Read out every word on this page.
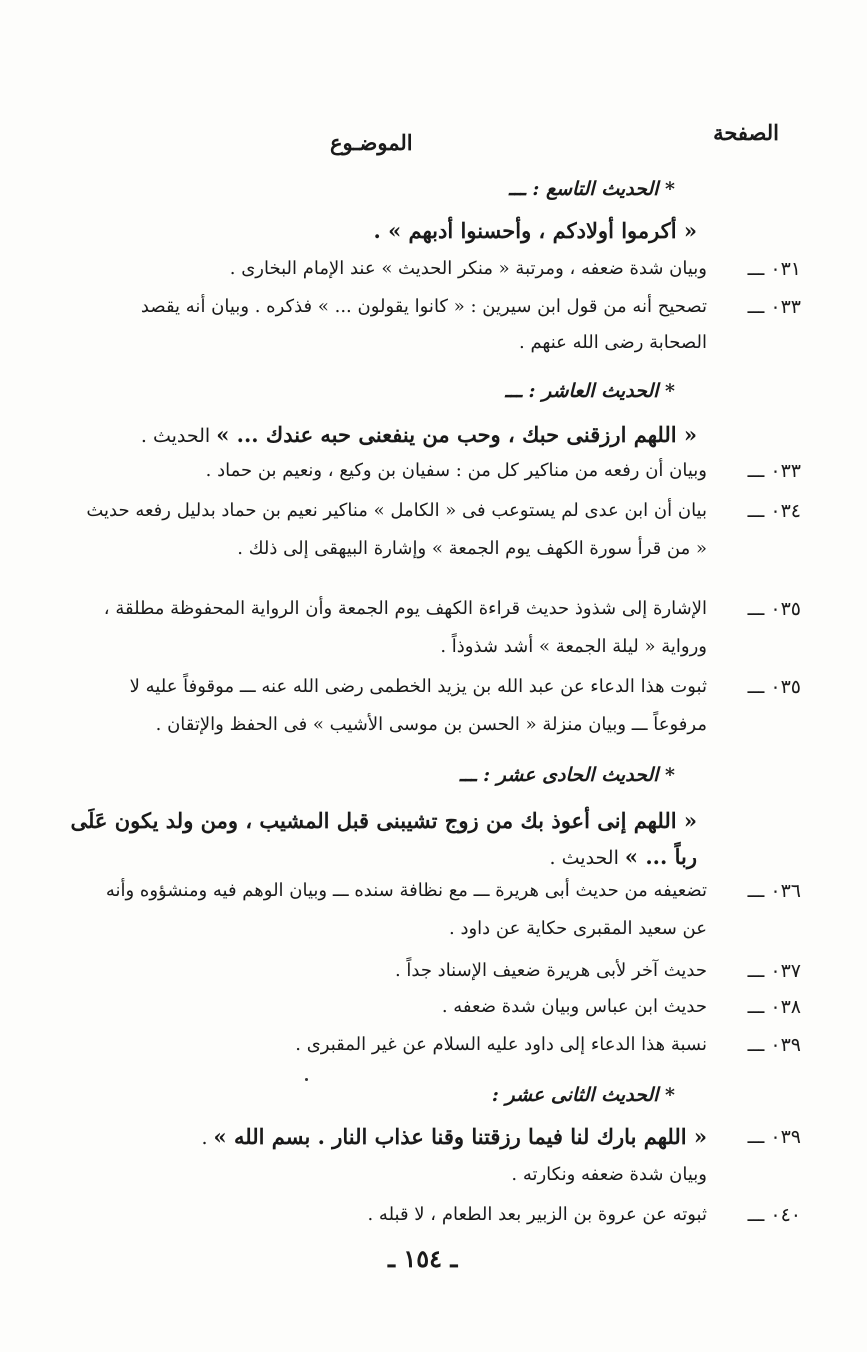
الصفحة
الموضـوع
* الحديث التاسع : ـــ
« أكرموا أولادكم ، وأحسنوا أدبهم » .
٠٣١ ـــ
وبيان شدة ضعفه ، ومرتبة « منكر الحديث » عند الإمام البخارى .
٠٣٣ ـــ
تصحيح أنه من قول ابن سيرين : « كانوا يقولون ... » فذكره . وبيان أنه يقصد
الصحابة رضى الله عنهم .
* الحديث العاشر : ـــ
« اللهم ارزقنى حبك ، وحب من ينفعنى حبه عندك ... » الحديث .
٠٣٣ ـــ
وبيان أن رفعه من مناكير كل من : سفيان بن وكيع ، ونعيم بن حماد .
٠٣٤ ـــ
بيان أن ابن عدى لم يستوعب فى « الكامل » مناكير نعيم بن حماد بدليل رفعه حديث
« من قرأ سورة الكهف يوم الجمعة » وإشارة البيهقى إلى ذلك .
٠٣٥ ـــ
الإشارة إلى شذوذ حديث قراءة الكهف يوم الجمعة وأن الرواية المحفوظة مطلقة ،
ورواية « ليلة الجمعة » أشد شذوذاً .
٠٣٥ ـــ
ثبوت هذا الدعاء عن عبد الله بن يزيد الخطمى رضى الله عنه ـــ موقوفاً عليه لا
مرفوعاً ـــ وبيان منزلة « الحسن بن موسى الأشيب » فى الحفظ والإتقان .
* الحديث الحادى عشر : ـــ
« اللهم إنى أعوذ بك من زوج تشيبنى قبل المشيب ، ومن ولد يكون عَلَى
رباً ... » الحديث .
٠٣٦ ـــ
تضعيفه من حديث أبى هريرة ـــ مع نظافة سنده ـــ وبيان الوهم فيه ومنشؤوه وأنه
عن سعيد المقبرى حكاية عن داود .
٠٣٧ ـــ
حديث آخر لأبى هريرة ضعيف الإسناد جداً .
٠٣٨ ـــ
حديث ابن عباس وبيان شدة ضعفه .
٠٣٩ ـــ
نسبة هذا الدعاء إلى داود عليه السلام عن غير المقبرى .
* الحديث الثانى عشر :
٠٣٩ ـــ
« اللهم بارك لنا فيما رزقتنا وقنا عذاب النار . بسم الله » .
وبيان شدة ضعفه ونكارته .
٠٤٠ ـــ
ثبوته عن عروة بن الزبير بعد الطعام ، لا قبله .
ـ ١٥٤ ـ
